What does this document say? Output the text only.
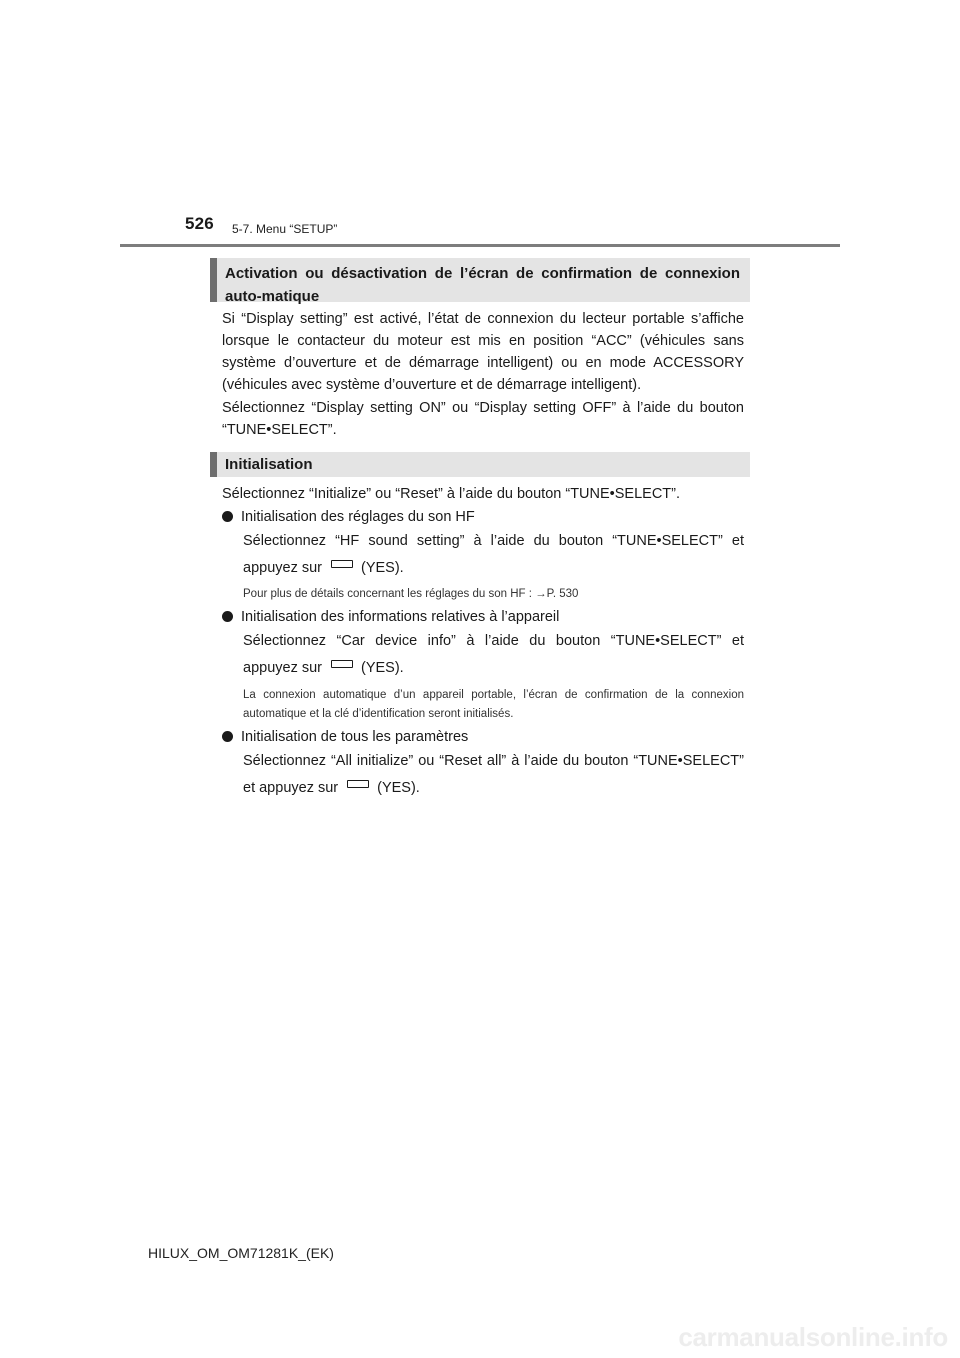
526 5-7. Menu “SETUP”
Activation ou désactivation de l’écran de confirmation de connexion auto-matique
Si “Display setting” est activé, l’état de connexion du lecteur portable s’affiche lorsque le contacteur du moteur est mis en position “ACC” (véhicules sans système d’ouverture et de démarrage intelligent) ou en mode ACCESSORY (véhicules avec système d’ouverture et de démarrage intelligent).
Sélectionnez “Display setting ON” ou “Display setting OFF” à l’aide du bouton “TUNE•SELECT”.
Initialisation
Sélectionnez “Initialize” ou “Reset” à l’aide du bouton “TUNE•SELECT”.
Initialisation des réglages du son HF
Sélectionnez “HF sound setting” à l’aide du bouton “TUNE•SELECT” et appuyez sur	(YES).
Pour plus de détails concernant les réglages du son HF : →P. 530
Initialisation des informations relatives à l’appareil
Sélectionnez “Car device info” à l’aide du bouton “TUNE•SELECT” et appuyez sur	(YES).
La connexion automatique d’un appareil portable, l’écran de confirmation de la connexion automatique et la clé d’identification seront initialisés.
Initialisation de tous les paramètres
Sélectionnez “All initialize” ou “Reset all” à l’aide du bouton “TUNE•SELECT” et appuyez sur	(YES).
HILUX_OM_OM71281K_(EK)
carmanualsonline.info
